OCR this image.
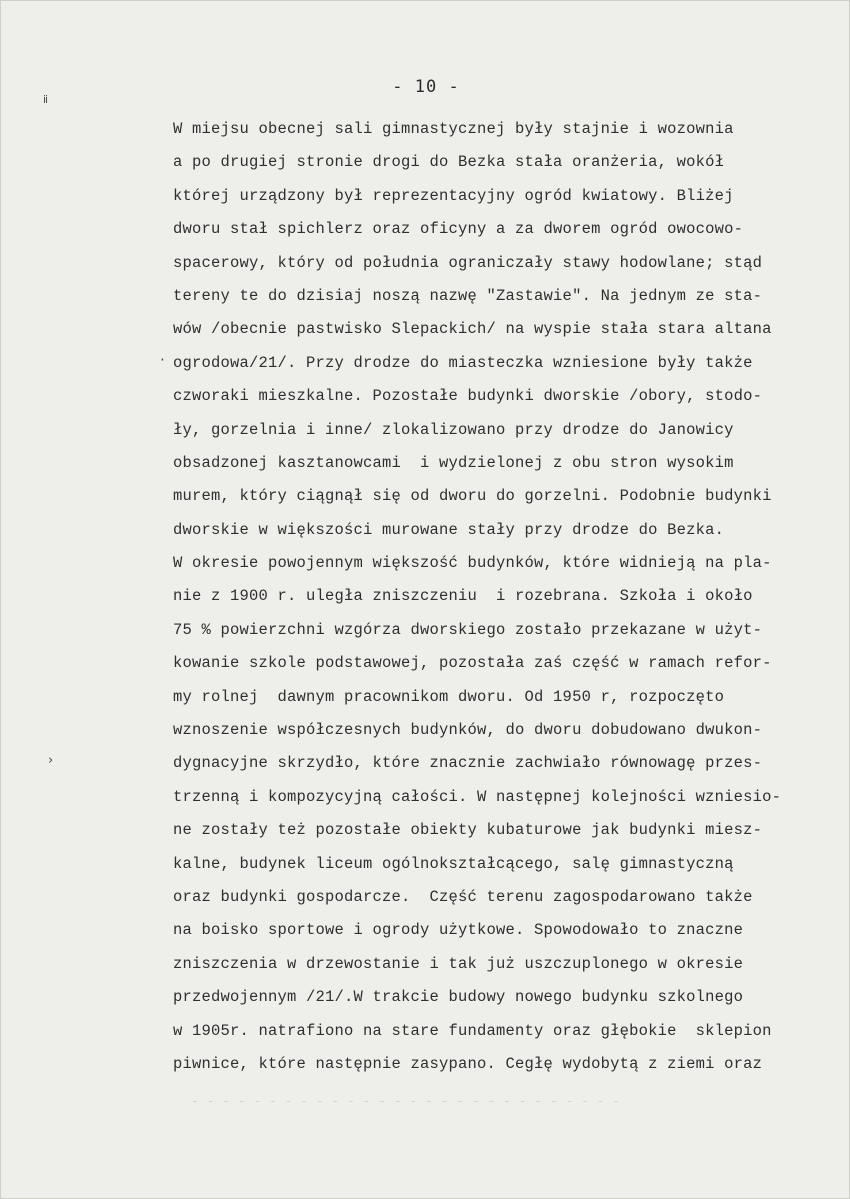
ⅱ
›
·
- 10 -
W miejsu obecnej sali gimnastycznej były stajnie i wozownia
a po drugiej stronie drogi do Bezka stała oranżeria, wokół
której urządzony był reprezentacyjny ogród kwiatowy. Bliżej
dworu stał spichlerz oraz oficyny a za dworem ogród owocowo-
spacerowy, który od południa ograniczały stawy hodowlane; stąd
tereny te do dzisiaj noszą nazwę "Zastawie". Na jednym ze sta-
wów /obecnie pastwisko Slepackich/ na wyspie stała stara altana
ogrodowa/21/. Przy drodze do miasteczka wzniesione były także
czworaki mieszkalne. Pozostałe budynki dworskie /obory, stodo-
ły, gorzelnia i inne/ zlokalizowano przy drodze do Janowicy
obsadzonej kasztanowcami  i wydzielonej z obu stron wysokim
murem, który ciągnął się od dworu do gorzelni. Podobnie budynki
dworskie w większości murowane stały przy drodze do Bezka.
W okresie powojennym większość budynków, które widnieją na pla-
nie z 1900 r. uległa zniszczeniu  i rozebrana. Szkoła i około
75 % powierzchni wzgórza dworskiego zostało przekazane w użyt-
kowanie szkole podstawowej, pozostała zaś część w ramach refor-
my rolnej  dawnym pracownikom dworu. Od 1950 r, rozpoczęto
wznoszenie współczesnych budynków, do dworu dobudowano dwukon-
dygnacyjne skrzydło, które znacznie zachwiało równowagę przes-
trzenną i kompozycyjną całości. W następnej kolejności wzniesio-
ne zostały też pozostałe obiekty kubaturowe jak budynki miesz-
kalne, budynek liceum ogólnokształcącego, salę gimnastyczną
oraz budynki gospodarcze.  Część terenu zagospodarowano także
na boisko sportowe i ogrody użytkowe. Spowodowało to znaczne
zniszczenia w drzewostanie i tak już uszczuplonego w okresie
przedwojennym /21/.W trakcie budowy nowego budynku szkolnego
w 1905r. natrafiono na stare fundamenty oraz głębokie  sklepion
piwnice, które następnie zasypano. Cegłę wydobytą z ziemi oraz
- - - - - - - - - - - - - - - - - - - - - - - - - - - -
